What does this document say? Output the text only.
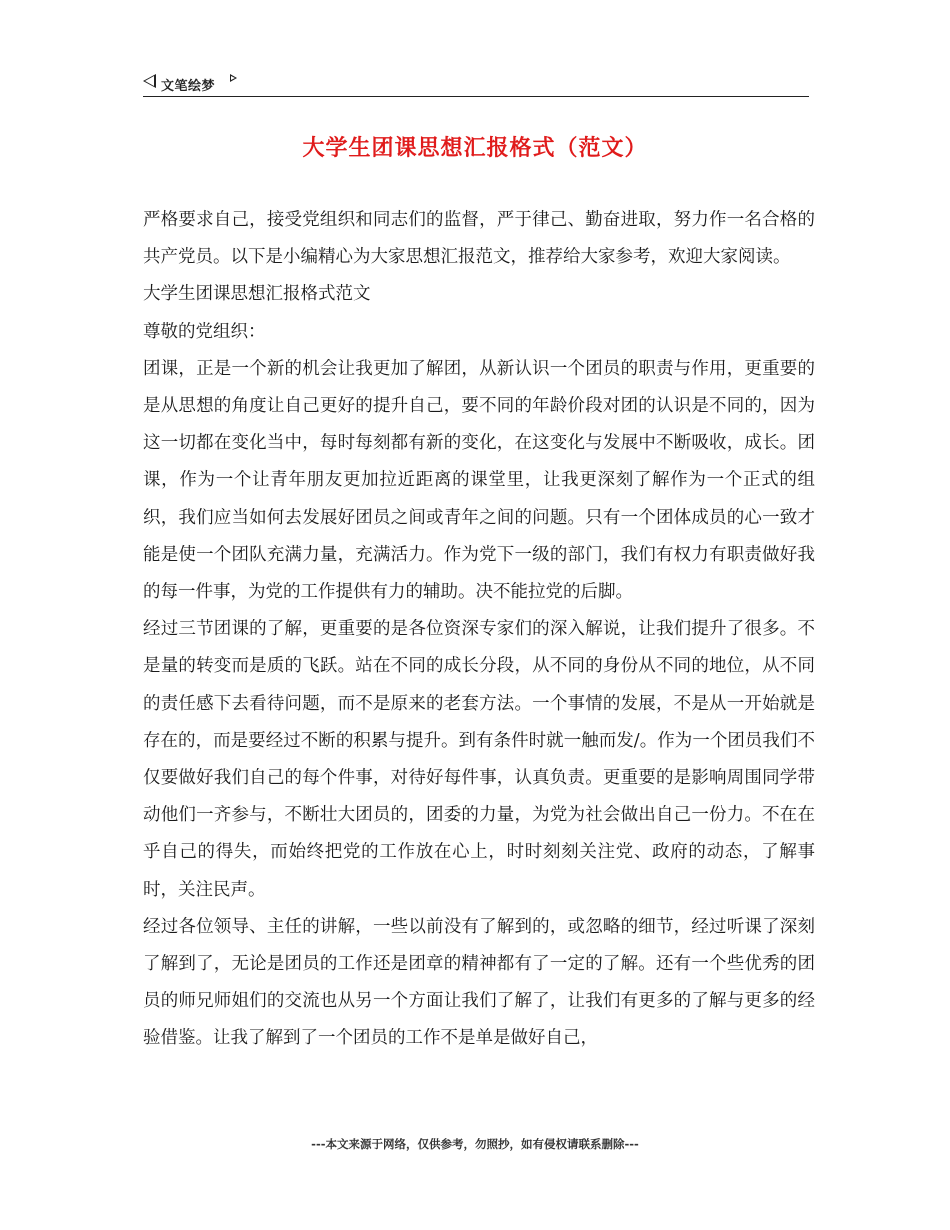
文笔绘梦
大学生团课思想汇报格式（范文）

严格要求自己，接受党组织和同志们的监督，严于律己、勤奋进取，努力作一名合格的共产党员。以下是小编精心为大家思想汇报范文，推荐给大家参考，欢迎大家阅读。

大学生团课思想汇报格式范文

尊敬的党组织：

团课，正是一个新的机会让我更加了解团，从新认识一个团员的职责与作用，更重要的是从思想的角度让自己更好的提升自己，要不同的年龄价段对团的认识是不同的，因为这一切都在变化当中，每时每刻都有新的变化，在这变化与发展中不断吸收，成长。团课，作为一个让青年朋友更加拉近距离的课堂里，让我更深刻了解作为一个正式的组织，我们应当如何去发展好团员之间或青年之间的问题。只有一个团体成员的心一致才能是使一个团队充满力量，充满活力。作为党下一级的部门，我们有权力有职责做好我的每一件事，为党的工作提供有力的辅助。决不能拉党的后脚。

经过三节团课的了解，更重要的是各位资深专家们的深入解说，让我们提升了很多。不是量的转变而是质的飞跃。站在不同的成长分段，从不同的身份从不同的地位，从不同的责任感下去看待问题，而不是原来的老套方法。一个事情的发展，不是从一开始就是存在的，而是要经过不断的积累与提升。到有条件时就一触而发/。作为一个团员我们不仅要做好我们自己的每个件事，对待好每件事，认真负责。更重要的是影响周围同学带动他们一齐参与，不断壮大团员的，团委的力量，为党为社会做出自己一份力。不在在乎自己的得失，而始终把党的工作放在心上，时时刻刻关注党、政府的动态，了解事时，关注民声。

经过各位领导、主任的讲解，一些以前没有了解到的，或忽略的细节，经过听课了深刻了解到了，无论是团员的工作还是团章的精神都有了一定的了解。还有一个些优秀的团员的师兄师姐们的交流也从另一个方面让我们了解了，让我们有更多的了解与更多的经验借鉴。让我了解到了一个团员的工作不是单是做好自己，

---本文来源于网络，仅供参考，勿照抄，如有侵权请联系删除---
